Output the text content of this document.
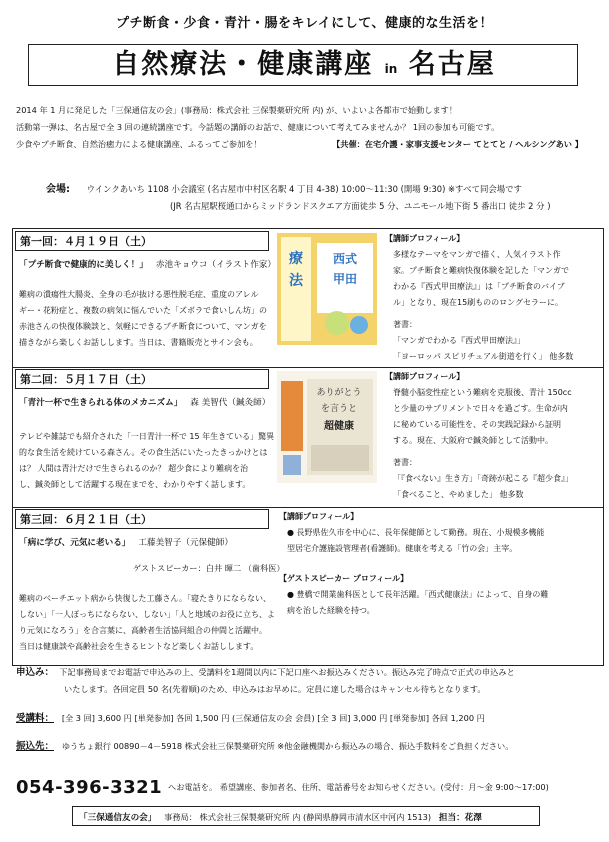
プチ断食・少食・青汁・腸をキレイにして、健康的な生活を！
自然療法・健康講座 in 名古屋
2014 年 1 月に発足した「三保通信友の会」(事務局：株式会社 三保製薬研究所 内) が、いよいよ各都市で始動します！
活動第一弾は、名古屋で全 3 回の連続講座です。今話題の講師のお話で、健康について考えてみませんか？ 1回の参加も可能です。
少食やプチ断食、自然治癒力による健康講座、ふるってご参加を！	【共催：在宅介護・家事支援センター てとてと / ヘルシングあい 】
会場: ウインクあいち 1108 小会議室 (名古屋市中村区名駅 4 丁目 4-38) 10:00～11:30 (開場 9:30) ※すべて同会場です
(JR 名古屋駅桜通口からミッドランドスクエア方面徒歩 5 分、ユニモール地下街 5 番出口 徒歩 2 分 )
第一回：４月１９日（土）
「プチ断食で健康的に美しく！」 赤池キョウコ（イラスト作家）
難病の潰瘍性大腸炎、全身の毛が抜ける悪性脱毛症、重度のアレル
ギー・花粉症と、複数の病気に悩んでいた「ズボラで食いしん坊」の
赤池さんの快復体験談と、気軽にできるプチ断食について、マンガを
描きながら楽しくお話しします。当日は、書籍販売とサイン会も。
療
法
西式
甲田
【講師プロフィール】
多様なテーマをマンガで描く、人気イラスト作
家。プチ断食と難病快復体験を記した「マンガで
わかる『西式甲田療法』」は「プチ断食のバイブ
ル」となり、現在15刷もののロングセラーに。
著書：
「マンガでわかる『西式甲田療法』」
「ヨーロッパ スピリチュアル街道を行く」 他多数
第二回：５月１７日（土）
「青汁一杯で生きられる体のメカニズム」 森 美智代（鍼灸師）
テレビや雑誌でも紹介された「一日青汁一杯で 15 年生きている」驚異
的な食生活を続けている森さん。その食生活にいたったきっかけとは
は？ 人間は青汁だけで生きられるのか？ 超少食により難病を治
し、鍼灸師として活躍する現在までを、わかりやすく話します。
ありがとう
を言うと
超健康
【講師プロフィール】
脊髄小脳変性症という難病を克服後、青汁 150cc
と少量のサプリメントで日々を過ごす。生命が内
に秘めている可能性を、その実践記録から証明
する。現在、大阪府で鍼灸師として活動中。
著書：
「『食べない』生き方」「奇跡が起こる『超少食』」
「食べること、やめました」 他多数
第三回：６月２１日（土）
「病に学び、元気に老いる」 工藤美智子（元保健師）
ゲストスピーカー：白井 暉二 （歯科医）
難病のベーチエット病から快復した工藤さん。「寝たきりにならない、
しない」「一人ぼっちにならない、しない」「人と地域のお役に立ち、よ
り元気になろう」を合言葉に、高齢者生活協同組合の仲間と活躍中。
当日は健康談や高齢社会を生きるヒントなど楽しくお話しします。
【講師プロフィール】
● 長野県佐久市を中心に、長年保健師として勤務。現在、小規模多機能
型居宅介護施設管理者(看護師)。健康を考える「竹の会」主宰。
【ゲストスピーカー プロフィール】
● 豊橋で開業歯科医として長年活躍。「西式健康法」によって、自身の難
病を治した経験を持つ。
申込み： 下記事務局までお電話で申込みの上、受講料を1週間以内に下記口座へお振込みください。振込み完了時点で正式の申込みと
いたします。各回定員 50 名(先着順)のため、申込みはお早めに。定員に達した場合はキャンセル待ちとなります。
受講料： [全 3 回] 3,600 円 [単発参加] 各回 1,500 円 (三保通信友の会 会員) [全 3 回] 3,000 円 [単発参加] 各回 1,200 円
振込先： ゆうちょ銀行 00890－4－5918 株式会社三保製薬研究所 ※他金融機関から振込みの場合、振込手数料をご負担ください。
054-396-3321 へお電話を。 希望講座、参加者名、住所、電話番号をお知らせください。(受付：月～金 9:00～17:00)
「三保通信友の会」 事務局： 株式会社三保製薬研究所 内 (静岡県静岡市清水区中河内 1513) 担当：花澤
